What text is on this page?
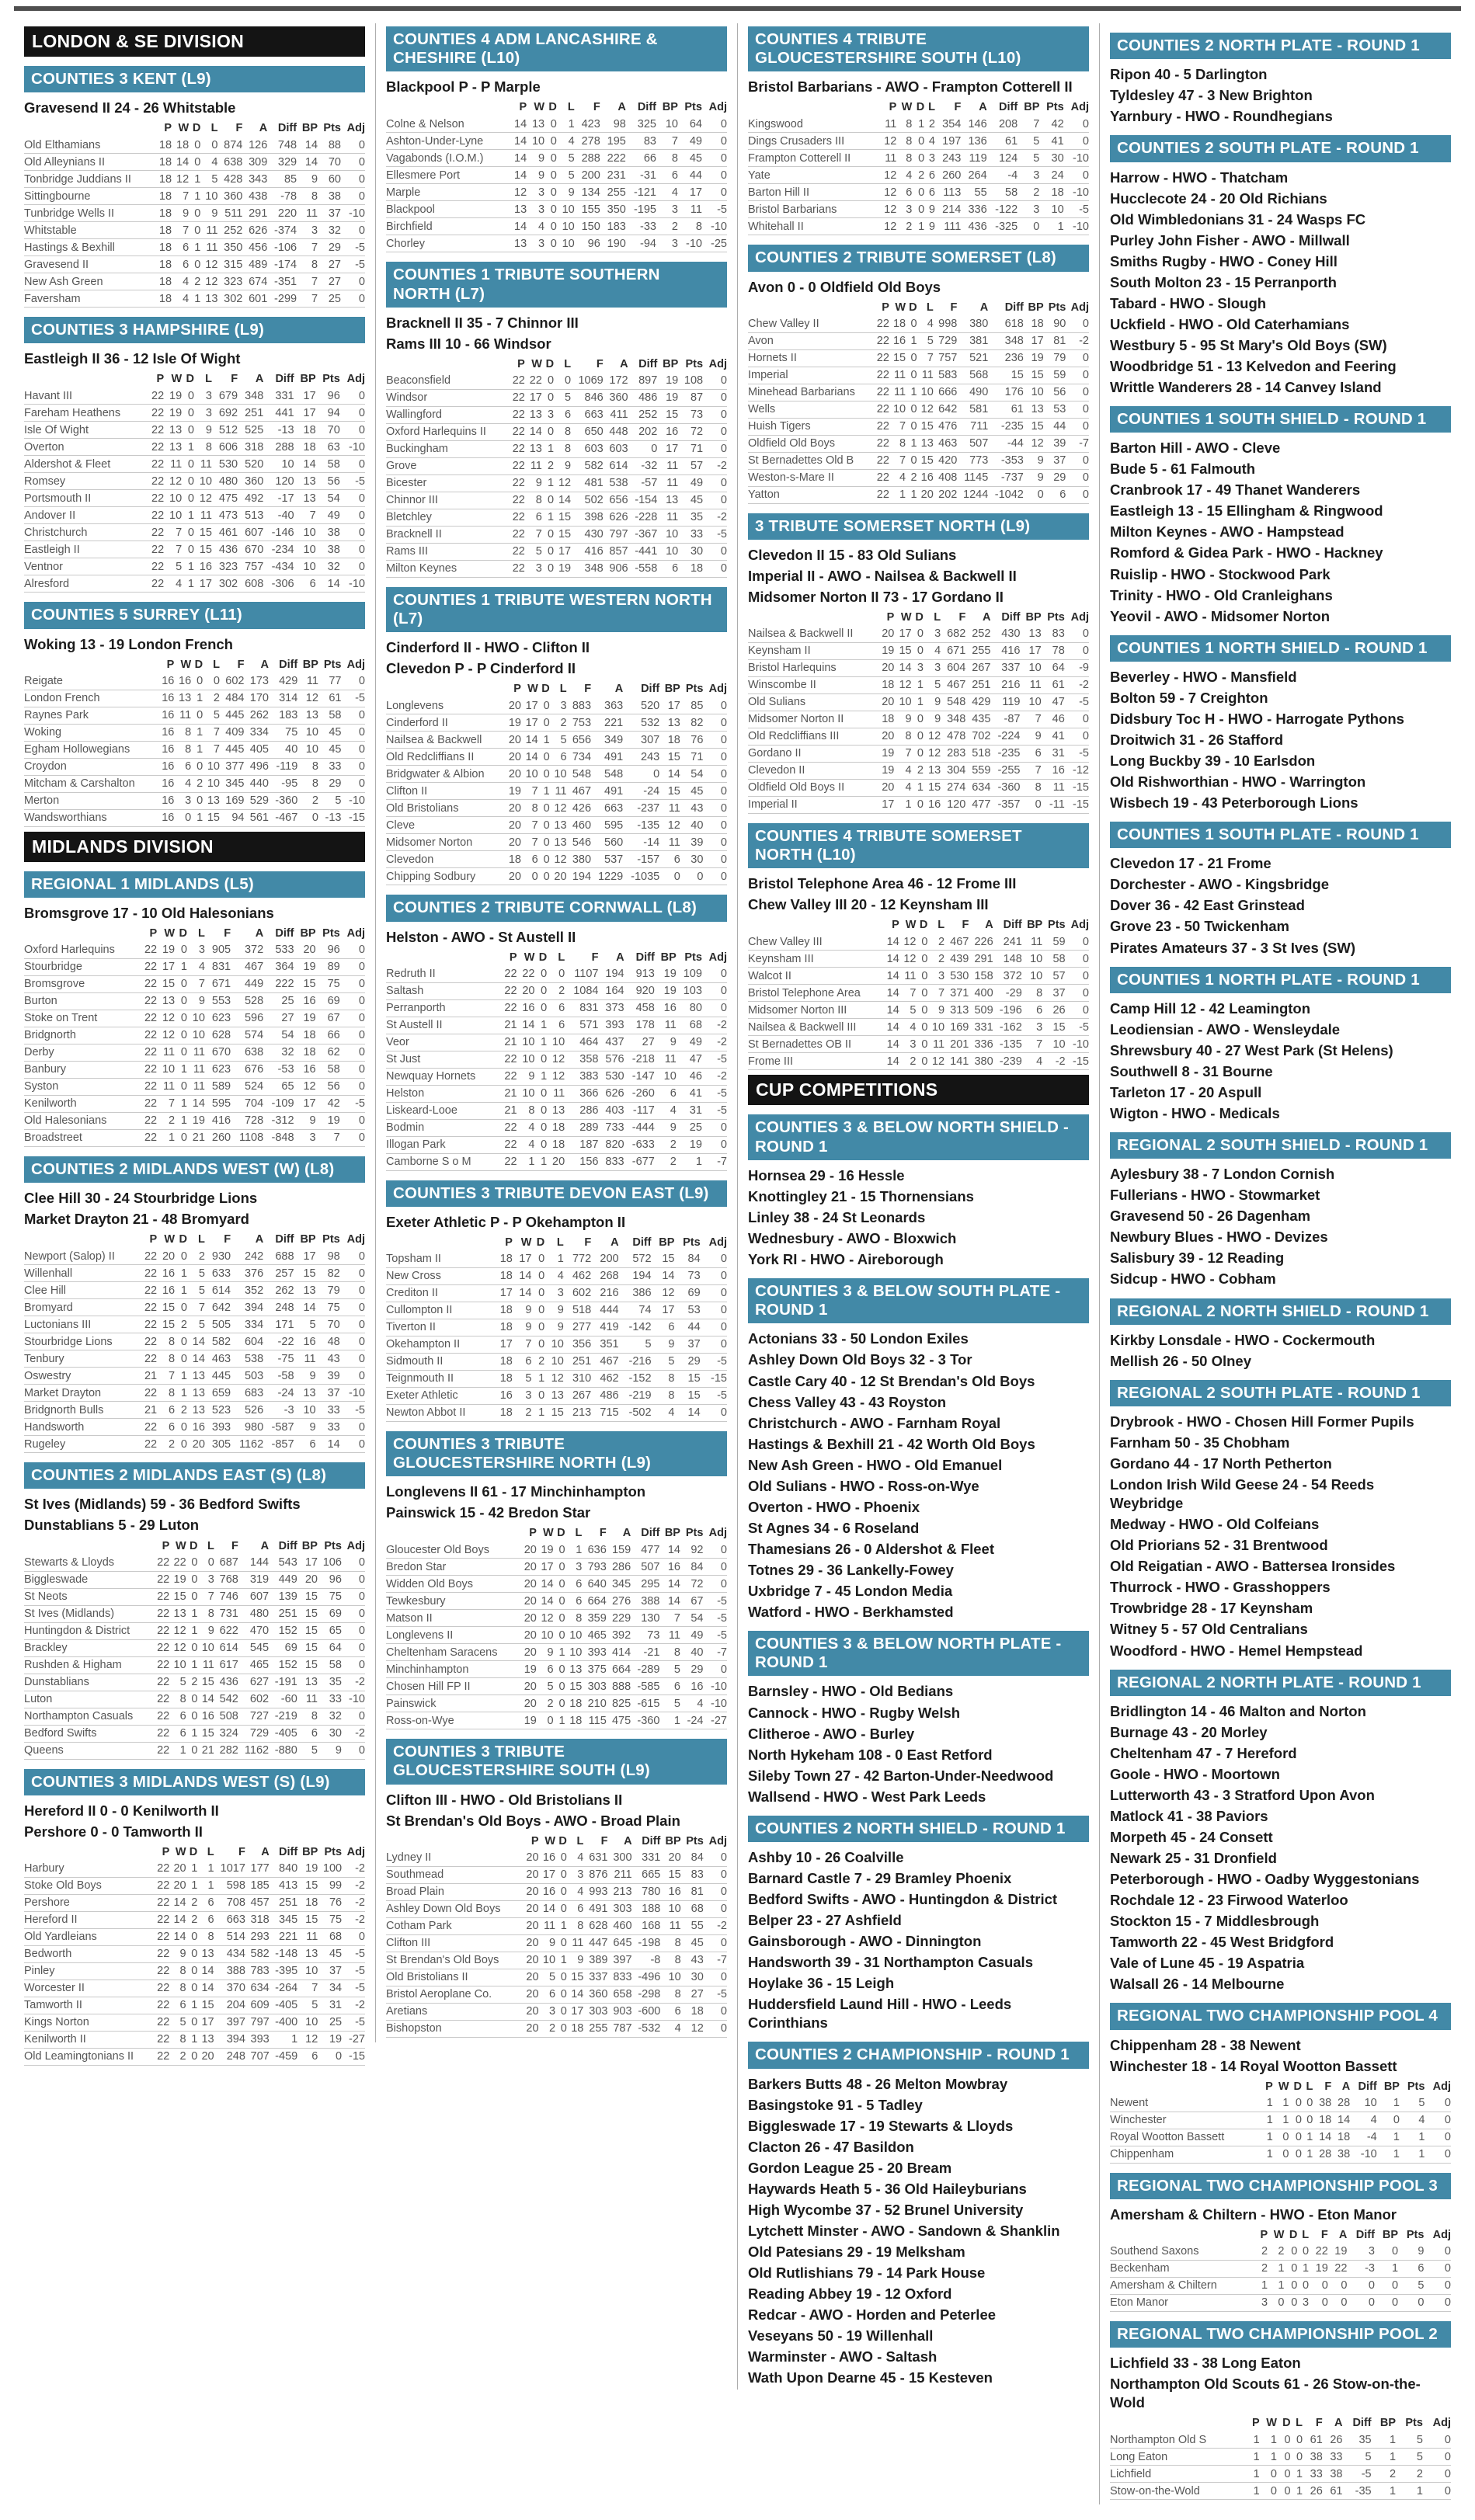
LONDON & SE DIVISION
COUNTIES 3 KENT (L9)
Gravesend II 24 - 26 Whitstable
	P	W	D	L	F	A	Diff	BP	Pts	Adj
Old Elthamians	18	18	0	0	874	126	748	14	88	0
Old Alleynians II	18	14	0	4	638	309	329	14	70	0
Tonbridge Juddians II	18	12	1	5	428	343	85	9	60	0
Sittingbourne	18	7	1	10	360	438	-78	8	38	0
Tunbridge Wells II	18	9	0	9	511	291	220	11	37	-10
Whitstable	18	7	0	11	252	626	-374	3	32	0
Hastings & Bexhill	18	6	1	11	350	456	-106	7	29	-5
Gravesend II	18	6	0	12	315	489	-174	8	27	-5
New Ash Green	18	4	2	12	323	674	-351	7	27	0
Faversham	18	4	1	13	302	601	-299	7	25	0
COUNTIES 3 HAMPSHIRE (L9)
Eastleigh II 36 - 12 Isle Of Wight
	P	W	D	L	F	A	Diff	BP	Pts	Adj
Havant III	22	19	0	3	679	348	331	17	96	0
Fareham Heathens	22	19	0	3	692	251	441	17	94	0
Isle Of Wight	22	13	0	9	512	525	-13	18	70	0
Overton	22	13	1	8	606	318	288	18	63	-10
Aldershot & Fleet	22	11	0	11	530	520	10	14	58	0
Romsey	22	12	0	10	480	360	120	13	56	-5
Portsmouth II	22	10	0	12	475	492	-17	13	54	0
Andover II	22	10	1	11	473	513	-40	7	49	0
Christchurch	22	7	0	15	461	607	-146	10	38	0
Eastleigh II	22	7	0	15	436	670	-234	10	38	0
Ventnor	22	5	1	16	323	757	-434	10	32	0
Alresford	22	4	1	17	302	608	-306	6	14	-10
COUNTIES 5 SURREY (L11)
Woking 13 - 19 London French
	P	W	D	L	F	A	Diff	BP	Pts	Adj
Reigate	16	16	0	0	602	173	429	11	77	0
London French	16	13	1	2	484	170	314	12	61	-5
Raynes Park	16	11	0	5	445	262	183	13	58	0
Woking	16	8	1	7	409	334	75	10	45	0
Egham Hollowegians	16	8	1	7	445	405	40	10	45	0
Croydon	16	6	0	10	377	496	-119	8	33	0
Mitcham & Carshalton	16	4	2	10	345	440	-95	8	29	0
Merton	16	3	0	13	169	529	-360	2	5	-10
Wandsworthians	16	0	1	15	94	561	-467	0	-13	-15
MIDLANDS DIVISION
REGIONAL 1 MIDLANDS (L5)
Bromsgrove 17 - 10 Old Halesonians
	P	W	D	L	F	A	Diff	BP	Pts	Adj
Oxford Harlequins	22	19	0	3	905	372	533	20	96	0
Stourbridge	22	17	1	4	831	467	364	19	89	0
Bromsgrove	22	15	0	7	671	449	222	15	75	0
Burton	22	13	0	9	553	528	25	16	69	0
Stoke on Trent	22	12	0	10	623	596	27	19	67	0
Bridgnorth	22	12	0	10	628	574	54	18	66	0
Derby	22	11	0	11	670	638	32	18	62	0
Banbury	22	10	1	11	623	676	-53	16	58	0
Syston	22	11	0	11	589	524	65	12	56	0
Kenilworth	22	7	1	14	595	704	-109	17	42	-5
Old Halesonians	22	2	1	19	416	728	-312	9	19	0
Broadstreet	22	1	0	21	260	1108	-848	3	7	0
COUNTIES 2 MIDLANDS WEST (W) (L8)
Clee Hill 30 - 24 Stourbridge Lions
Market Drayton 21 - 48 Bromyard
	P	W	D	L	F	A	Diff	BP	Pts	Adj
Newport (Salop) II	22	20	0	2	930	242	688	17	98	0
Willenhall	22	16	1	5	633	376	257	15	82	0
Clee Hill	22	16	1	5	614	352	262	13	79	0
Bromyard	22	15	0	7	642	394	248	14	75	0
Luctonians III	22	15	2	5	505	334	171	5	70	0
Stourbridge Lions	22	8	0	14	582	604	-22	16	48	0
Tenbury	22	8	0	14	463	538	-75	11	43	0
Oswestry	21	7	1	13	445	503	-58	9	39	0
Market Drayton	22	8	1	13	659	683	-24	13	37	-10
Bridgnorth Bulls	21	6	2	13	523	526	-3	10	33	-5
Handsworth	22	6	0	16	393	980	-587	9	33	0
Rugeley	22	2	0	20	305	1162	-857	6	14	0
COUNTIES 2 MIDLANDS EAST (S) (L8)
St Ives (Midlands) 59 - 36 Bedford Swifts
Dunstablians 5 - 29 Luton
	P	W	D	L	F	A	Diff	BP	Pts	Adj
Stewarts & Lloyds	22	22	0	0	687	144	543	17	106	0
Biggleswade	22	19	0	3	768	319	449	20	96	0
St Neots	22	15	0	7	746	607	139	15	75	0
St Ives (Midlands)	22	13	1	8	731	480	251	15	69	0
Huntingdon & District	22	12	1	9	622	470	152	15	65	0
Brackley	22	12	0	10	614	545	69	15	64	0
Rushden & Higham	22	10	1	11	617	465	152	15	58	0
Dunstablians	22	5	2	15	436	627	-191	13	35	-2
Luton	22	8	0	14	542	602	-60	11	33	-10
Northampton Casuals	22	6	0	16	508	727	-219	8	32	0
Bedford Swifts	22	6	1	15	324	729	-405	6	30	-2
Queens	22	1	0	21	282	1162	-880	5	9	0
COUNTIES 3 MIDLANDS WEST (S) (L9)
Hereford II 0 - 0 Kenilworth II
Pershore 0 - 0 Tamworth II
	P	W	D	L	F	A	Diff	BP	Pts	Adj
Harbury	22	20	1	1	1017	177	840	19	100	-2
Stoke Old Boys	22	20	1	1	598	185	413	15	99	-2
Pershore	22	14	2	6	708	457	251	18	76	-2
Hereford II	22	14	2	6	663	318	345	15	75	-2
Old Yardleians	22	14	0	8	514	293	221	11	68	0
Bedworth	22	9	0	13	434	582	-148	13	45	-5
Pinley	22	8	0	14	388	783	-395	10	37	-5
Worcester II	22	8	0	14	370	634	-264	7	34	-5
Tamworth II	22	6	1	15	204	609	-405	5	31	-2
Kings Norton	22	5	0	17	397	797	-400	10	25	-5
Kenilworth II	22	8	1	13	394	393	1	12	19	-27
Old Leamingtonians II	22	2	0	20	248	707	-459	6	0	-15
COUNTIES 4 ADM LANCASHIRE & CHESHIRE (L10)
Blackpool P - P Marple
	P	W	D	L	F	A	Diff	BP	Pts	Adj
Colne & Nelson	14	13	0	1	423	98	325	10	64	0
Ashton-Under-Lyne	14	10	0	4	278	195	83	7	49	0
Vagabonds (I.O.M.)	14	9	0	5	288	222	66	8	45	0
Ellesmere Port	14	9	0	5	200	231	-31	6	44	0
Marple	12	3	0	9	134	255	-121	4	17	0
Blackpool	13	3	0	10	155	350	-195	3	11	-5
Birchfield	14	4	0	10	150	183	-33	2	8	-10
Chorley	13	3	0	10	96	190	-94	3	-10	-25
COUNTIES 1 TRIBUTE SOUTHERN NORTH (L7)
Bracknell II 35 - 7 Chinnor III
Rams III 10 - 66 Windsor
	P	W	D	L	F	A	Diff	BP	Pts	Adj
Beaconsfield	22	22	0	0	1069	172	897	19	108	0
Windsor	22	17	0	5	846	360	486	19	87	0
Wallingford	22	13	3	6	663	411	252	15	73	0
Oxford Harlequins II	22	14	0	8	650	448	202	16	72	0
Buckingham	22	13	1	8	603	603	0	17	71	0
Grove	22	11	2	9	582	614	-32	11	57	-2
Bicester	22	9	1	12	481	538	-57	11	49	0
Chinnor III	22	8	0	14	502	656	-154	13	45	0
Bletchley	22	6	1	15	398	626	-228	11	35	-2
Bracknell II	22	7	0	15	430	797	-367	10	33	-5
Rams III	22	5	0	17	416	857	-441	10	30	0
Milton Keynes	22	3	0	19	348	906	-558	6	18	0
COUNTIES 1 TRIBUTE WESTERN NORTH (L7)
Cinderford II - HWO - Clifton II
Clevedon P - P Cinderford II
	P	W	D	L	F	A	Diff	BP	Pts	Adj
Longlevens	20	17	0	3	883	363	520	17	85	0
Cinderford II	19	17	0	2	753	221	532	13	82	0
Nailsea & Backwell	20	14	1	5	656	349	307	18	76	0
Old Redcliffians II	20	14	0	6	734	491	243	15	71	0
Bridgwater & Albion	20	10	0	10	548	548	0	14	54	0
Clifton II	19	7	1	11	467	491	-24	15	45	0
Old Bristolians	20	8	0	12	426	663	-237	11	43	0
Cleve	20	7	0	13	460	595	-135	12	40	0
Midsomer Norton	20	7	0	13	546	560	-14	11	39	0
Clevedon	18	6	0	12	380	537	-157	6	30	0
Chipping Sodbury	20	0	0	20	194	1229	-1035	0	0	0
COUNTIES 2 TRIBUTE CORNWALL (L8)
Helston - AWO - St Austell II
	P	W	D	L	F	A	Diff	BP	Pts	Adj
Redruth II	22	22	0	0	1107	194	913	19	109	0
Saltash	22	20	0	2	1084	164	920	19	103	0
Perranporth	22	16	0	6	831	373	458	16	80	0
St Austell II	21	14	1	6	571	393	178	11	68	-2
Veor	21	10	1	10	464	437	27	9	49	-2
St Just	22	10	0	12	358	576	-218	11	47	-5
Newquay Hornets	22	9	1	12	383	530	-147	10	46	-2
Helston	21	10	0	11	366	626	-260	6	41	-5
Liskeard-Looe	21	8	0	13	286	403	-117	4	31	-5
Bodmin	22	4	0	18	289	733	-444	9	25	0
Illogan Park	22	4	0	18	187	820	-633	2	19	0
Camborne S o M	22	1	1	20	156	833	-677	2	1	-7
COUNTIES 3 TRIBUTE DEVON EAST (L9)
Exeter Athletic P - P Okehampton II
	P	W	D	L	F	A	Diff	BP	Pts	Adj
Topsham II	18	17	0	1	772	200	572	15	84	0
New Cross	18	14	0	4	462	268	194	14	73	0
Crediton II	17	14	0	3	602	216	386	12	69	0
Cullompton II	18	9	0	9	518	444	74	17	53	0
Tiverton II	18	9	0	9	277	419	-142	6	44	0
Okehampton II	17	7	0	10	356	351	5	9	37	0
Sidmouth II	18	6	2	10	251	467	-216	5	29	-5
Teignmouth II	18	5	1	12	310	462	-152	8	15	-15
Exeter Athletic	16	3	0	13	267	486	-219	8	15	-5
Newton Abbot II	18	2	1	15	213	715	-502	4	14	0
COUNTIES 3 TRIBUTE GLOUCESTERSHIRE NORTH (L9)
Longlevens II 61 - 17 Minchinhampton
Painswick 15 - 42 Bredon Star
	P	W	D	L	F	A	Diff	BP	Pts	Adj
Gloucester Old Boys	20	19	0	1	636	159	477	14	92	0
Bredon Star	20	17	0	3	793	286	507	16	84	0
Widden Old Boys	20	14	0	6	640	345	295	14	72	0
Tewkesbury	20	14	0	6	664	276	388	14	67	-5
Matson II	20	12	0	8	359	229	130	7	54	-5
Longlevens II	20	10	0	10	465	392	73	11	49	-5
Cheltenham Saracens	20	9	1	10	393	414	-21	8	40	-7
Minchinhampton	19	6	0	13	375	664	-289	5	29	0
Chosen Hill FP II	20	5	0	15	303	888	-585	6	16	-10
Painswick	20	2	0	18	210	825	-615	5	4	-10
Ross-on-Wye	19	0	1	18	115	475	-360	1	-24	-27
COUNTIES 3 TRIBUTE GLOUCESTERSHIRE SOUTH (L9)
Clifton III - HWO - Old Bristolians II
St Brendan's Old Boys - AWO - Broad Plain
	P	W	D	L	F	A	Diff	BP	Pts	Adj
Lydney II	20	16	0	4	631	300	331	20	84	0
Southmead	20	17	0	3	876	211	665	15	83	0
Broad Plain	20	16	0	4	993	213	780	16	81	0
Ashley Down Old Boys	20	14	0	6	491	303	188	10	68	0
Cotham Park	20	11	1	8	628	460	168	11	55	-2
Clifton III	20	9	0	11	447	645	-198	8	45	0
St Brendan's Old Boys	20	10	1	9	389	397	-8	8	43	-7
Old Bristolians II	20	5	0	15	337	833	-496	10	30	0
Bristol Aeroplane Co.	20	6	0	14	360	658	-298	8	27	-5
Aretians	20	3	0	17	303	903	-600	6	18	0
Bishopston	20	2	0	18	255	787	-532	4	12	0
COUNTIES 4 TRIBUTE GLOUCESTERSHIRE SOUTH (L10)
Bristol Barbarians - AWO - Frampton Cotterell II
	P	W	D	L	F	A	Diff	BP	Pts	Adj
Kingswood	11	8	1	2	354	146	208	7	42	0
Dings Crusaders III	12	8	0	4	197	136	61	5	41	0
Frampton Cotterell II	11	8	0	3	243	119	124	5	30	-10
Yate	12	4	2	6	260	264	-4	3	24	0
Barton Hill II	12	6	0	6	113	55	58	2	18	-10
Bristol Barbarians	12	3	0	9	214	336	-122	3	10	-5
Whitehall II	12	2	1	9	111	436	-325	0	1	-10
COUNTIES 2 TRIBUTE SOMERSET (L8)
Avon 0 - 0 Oldfield Old Boys
	P	W	D	L	F	A	Diff	BP	Pts	Adj
Chew Valley II	22	18	0	4	998	380	618	18	90	0
Avon	22	16	1	5	729	381	348	17	81	-2
Hornets II	22	15	0	7	757	521	236	19	79	0
Imperial	22	11	0	11	583	568	15	15	59	0
Minehead Barbarians	22	11	1	10	666	490	176	10	56	0
Wells	22	10	0	12	642	581	61	13	53	0
Huish Tigers	22	7	0	15	476	711	-235	15	44	0
Oldfield Old Boys	22	8	1	13	463	507	-44	12	39	-7
St Bernadettes Old B	22	7	0	15	420	773	-353	9	37	0
Weston-s-Mare II	22	4	2	16	408	1145	-737	9	29	0
Yatton	22	1	1	20	202	1244	-1042	0	6	0
3 TRIBUTE SOMERSET NORTH (L9)
Clevedon II 15 - 83 Old Sulians
Imperial II - AWO - Nailsea & Backwell II
Midsomer Norton II 73 - 17 Gordano II
	P	W	D	L	F	A	Diff	BP	Pts	Adj
Nailsea & Backwell II	20	17	0	3	682	252	430	13	83	0
Keynsham II	19	15	0	4	671	255	416	17	78	0
Bristol Harlequins	20	14	3	3	604	267	337	10	64	-9
Winscombe II	18	12	1	5	467	251	216	11	61	-2
Old Sulians	20	10	1	9	548	429	119	10	47	-5
Midsomer Norton II	18	9	0	9	348	435	-87	7	46	0
Old Redcliffians III	20	8	0	12	478	702	-224	9	41	0
Gordano II	19	7	0	12	283	518	-235	6	31	-5
Clevedon II	19	4	2	13	304	559	-255	7	16	-12
Oldfield Old Boys II	20	4	1	15	274	634	-360	8	11	-15
Imperial II	17	1	0	16	120	477	-357	0	-11	-15
COUNTIES 4 TRIBUTE SOMERSET NORTH (L10)
Bristol Telephone Area 46 - 12 Frome III
Chew Valley III 20 - 12 Keynsham III
	P	W	D	L	F	A	Diff	BP	Pts	Adj
Chew Valley III	14	12	0	2	467	226	241	11	59	0
Keynsham III	14	12	0	2	439	291	148	10	58	0
Walcot II	14	11	0	3	530	158	372	10	57	0
Bristol Telephone Area	14	7	0	7	371	400	-29	8	37	0
Midsomer Norton III	14	5	0	9	313	509	-196	6	26	0
Nailsea & Backwell III	14	4	0	10	169	331	-162	3	15	-5
St Bernadettes OB II	14	3	0	11	201	336	-135	7	10	-10
Frome III	14	2	0	12	141	380	-239	4	-2	-15
CUP COMPETITIONS
COUNTIES 3 & BELOW NORTH SHIELD - ROUND 1
Hornsea 29 - 16 Hessle
Knottingley 21 - 15 Thornensians
Linley 38 - 24 St Leonards
Wednesbury - AWO - Bloxwich
York RI - HWO - Aireborough
COUNTIES 3 & BELOW SOUTH PLATE - ROUND 1
Actonians 33 - 50 London Exiles
Ashley Down Old Boys 32 - 3 Tor
Castle Cary 40 - 12 St Brendan's Old Boys
Chess Valley 43 - 43 Royston
Christchurch - AWO - Farnham Royal
Hastings & Bexhill 21 - 42 Worth Old Boys
New Ash Green - HWO - Old Emanuel
Old Sulians - HWO - Ross-on-Wye
Overton - HWO - Phoenix
St Agnes 34 - 6 Roseland
Thamesians 26 - 0 Aldershot & Fleet
Totnes 29 - 36 Lankelly-Fowey
Uxbridge 7 - 45 London Media
Watford - HWO - Berkhamsted
COUNTIES 3 & BELOW NORTH PLATE - ROUND 1
Barnsley - HWO - Old Bedians
Cannock - HWO - Rugby Welsh
Clitheroe - AWO - Burley
North Hykeham 108 - 0 East Retford
Sileby Town 27 - 42 Barton-Under-Needwood
Wallsend - HWO - West Park Leeds
COUNTIES 2 NORTH SHIELD - ROUND 1
Ashby 10 - 26 Coalville
Barnard Castle 7 - 29 Bramley Phoenix
Bedford Swifts - AWO - Huntingdon & District
Belper 23 - 27 Ashfield
Gainsborough - AWO - Dinnington
Handsworth 39 - 31 Northampton Casuals
Hoylake 36 - 15 Leigh
Huddersfield Laund Hill - HWO - Leeds Corinthians
COUNTIES 2 CHAMPIONSHIP - ROUND 1
Barkers Butts 48 - 26 Melton Mowbray
Basingstoke 91 - 5 Tadley
Biggleswade 17 - 19 Stewarts & Lloyds
Clacton 26 - 47 Basildon
Gordon League 25 - 20 Bream
Haywards Heath 5 - 36 Old Haileyburians
High Wycombe 37 - 52 Brunel University
Lytchett Minster - AWO - Sandown & Shanklin
Old Patesians 29 - 19 Melksham
Old Rutlishians 79 - 14 Park House
Reading Abbey 19 - 12 Oxford
Redcar - AWO - Horden and Peterlee
Veseyans 50 - 19 Willenhall
Warminster - AWO - Saltash
Wath Upon Dearne 45 - 15 Kesteven
COUNTIES 2 NORTH PLATE - ROUND 1
Ripon 40 - 5 Darlington
Tyldesley 47 - 3 New Brighton
Yarnbury - HWO - Roundhegians
COUNTIES 2 SOUTH PLATE - ROUND 1
Harrow - HWO - Thatcham
Hucclecote 24 - 20 Old Richians
Old Wimbledonians 31 - 24 Wasps FC
Purley John Fisher - AWO - Millwall
Smiths Rugby - HWO - Coney Hill
South Molton 23 - 15 Perranporth
Tabard - HWO - Slough
Uckfield - HWO - Old Caterhamians
Westbury 5 - 95 St Mary's Old Boys (SW)
Woodbridge 51 - 13 Kelvedon and Feering
Writtle Wanderers 28 - 14 Canvey Island
COUNTIES 1 SOUTH SHIELD - ROUND 1
Barton Hill - AWO - Cleve
Bude 5 - 61 Falmouth
Cranbrook 17 - 49 Thanet Wanderers
Eastleigh 13 - 15 Ellingham & Ringwood
Milton Keynes - AWO - Hampstead
Romford & Gidea Park - HWO - Hackney
Ruislip - HWO - Stockwood Park
Trinity - HWO - Old Cranleighans
Yeovil - AWO - Midsomer Norton
COUNTIES 1 NORTH SHIELD - ROUND 1
Beverley - HWO - Mansfield
Bolton 59 - 7 Creighton
Didsbury Toc H - HWO - Harrogate Pythons
Droitwich 31 - 26 Stafford
Long Buckby 39 - 10 Earlsdon
Old Rishworthian - HWO - Warrington
Wisbech 19 - 43 Peterborough Lions
COUNTIES 1 SOUTH PLATE - ROUND 1
Clevedon 17 - 21 Frome
Dorchester - AWO - Kingsbridge
Dover 36 - 42 East Grinstead
Grove 23 - 50 Twickenham
Pirates Amateurs 37 - 3 St Ives (SW)
COUNTIES 1 NORTH PLATE - ROUND 1
Camp Hill 12 - 42 Leamington
Leodiensian - AWO - Wensleydale
Shrewsbury 40 - 27 West Park (St Helens)
Southwell 8 - 31 Bourne
Tarleton 17 - 20 Aspull
Wigton - HWO - Medicals
REGIONAL 2 SOUTH SHIELD - ROUND 1
Aylesbury 38 - 7 London Cornish
Fullerians - HWO - Stowmarket
Gravesend 50 - 26 Dagenham
Newbury Blues - HWO - Devizes
Salisbury 39 - 12 Reading
Sidcup - HWO - Cobham
REGIONAL 2 NORTH SHIELD - ROUND 1
Kirkby Lonsdale - HWO - Cockermouth
Mellish 26 - 50 Olney
REGIONAL 2 SOUTH PLATE - ROUND 1
Drybrook - HWO - Chosen Hill Former Pupils
Farnham 50 - 35 Chobham
Gordano 44 - 17 North Petherton
London Irish Wild Geese 24 - 54 Reeds Weybridge
Medway - HWO - Old Colfeians
Old Priorians 52 - 31 Brentwood
Old Reigatian - AWO - Battersea Ironsides
Thurrock - HWO - Grasshoppers
Trowbridge 28 - 17 Keynsham
Witney 5 - 57 Old Centralians
Woodford - HWO - Hemel Hempstead
REGIONAL 2 NORTH PLATE - ROUND 1
Bridlington 14 - 46 Malton and Norton
Burnage 43 - 20 Morley
Cheltenham 47 - 7 Hereford
Goole - HWO - Moortown
Lutterworth 43 - 3 Stratford Upon Avon
Matlock 41 - 38 Paviors
Morpeth 45 - 24 Consett
Newark 25 - 31 Dronfield
Peterborough - HWO - Oadby Wyggestonians
Rochdale 12 - 23 Firwood Waterloo
Stockton 15 - 7 Middlesbrough
Tamworth 22 - 45 West Bridgford
Vale of Lune 45 - 19 Aspatria
Walsall 26 - 14 Melbourne
REGIONAL TWO CHAMPIONSHIP POOL 4
Chippenham 28 - 38 Newent
Winchester 18 - 14 Royal Wootton Bassett
	P	W	D	L	F	A	Diff	BP	Pts	Adj
Newent	1	1	0	0	38	28	10	1	5	0
Winchester	1	1	0	0	18	14	4	0	4	0
Royal Wootton Bassett	1	0	0	1	14	18	-4	1	1	0
Chippenham	1	0	0	1	28	38	-10	1	1	0
REGIONAL TWO CHAMPIONSHIP POOL 3
Amersham & Chiltern - HWO - Eton Manor
	P	W	D	L	F	A	Diff	BP	Pts	Adj
Southend Saxons	2	2	0	0	22	19	3	0	9	0
Beckenham	2	1	0	1	19	22	-3	1	6	0
Amersham & Chiltern	1	1	0	0	0	0	0	0	5	0
Eton Manor	3	0	0	3	0	0	0	0	0	0
REGIONAL TWO CHAMPIONSHIP POOL 2
Lichfield 33 - 38 Long Eaton
Northampton Old Scouts 61 - 26 Stow-on-the-Wold
	P	W	D	L	F	A	Diff	BP	Pts	Adj
Northampton Old S	1	1	0	0	61	26	35	1	5	0
Long Eaton	1	1	0	0	38	33	5	1	5	0
Lichfield	1	0	0	1	33	38	-5	2	2	0
Stow-on-the-Wold	1	0	0	1	26	61	-35	1	1	0
